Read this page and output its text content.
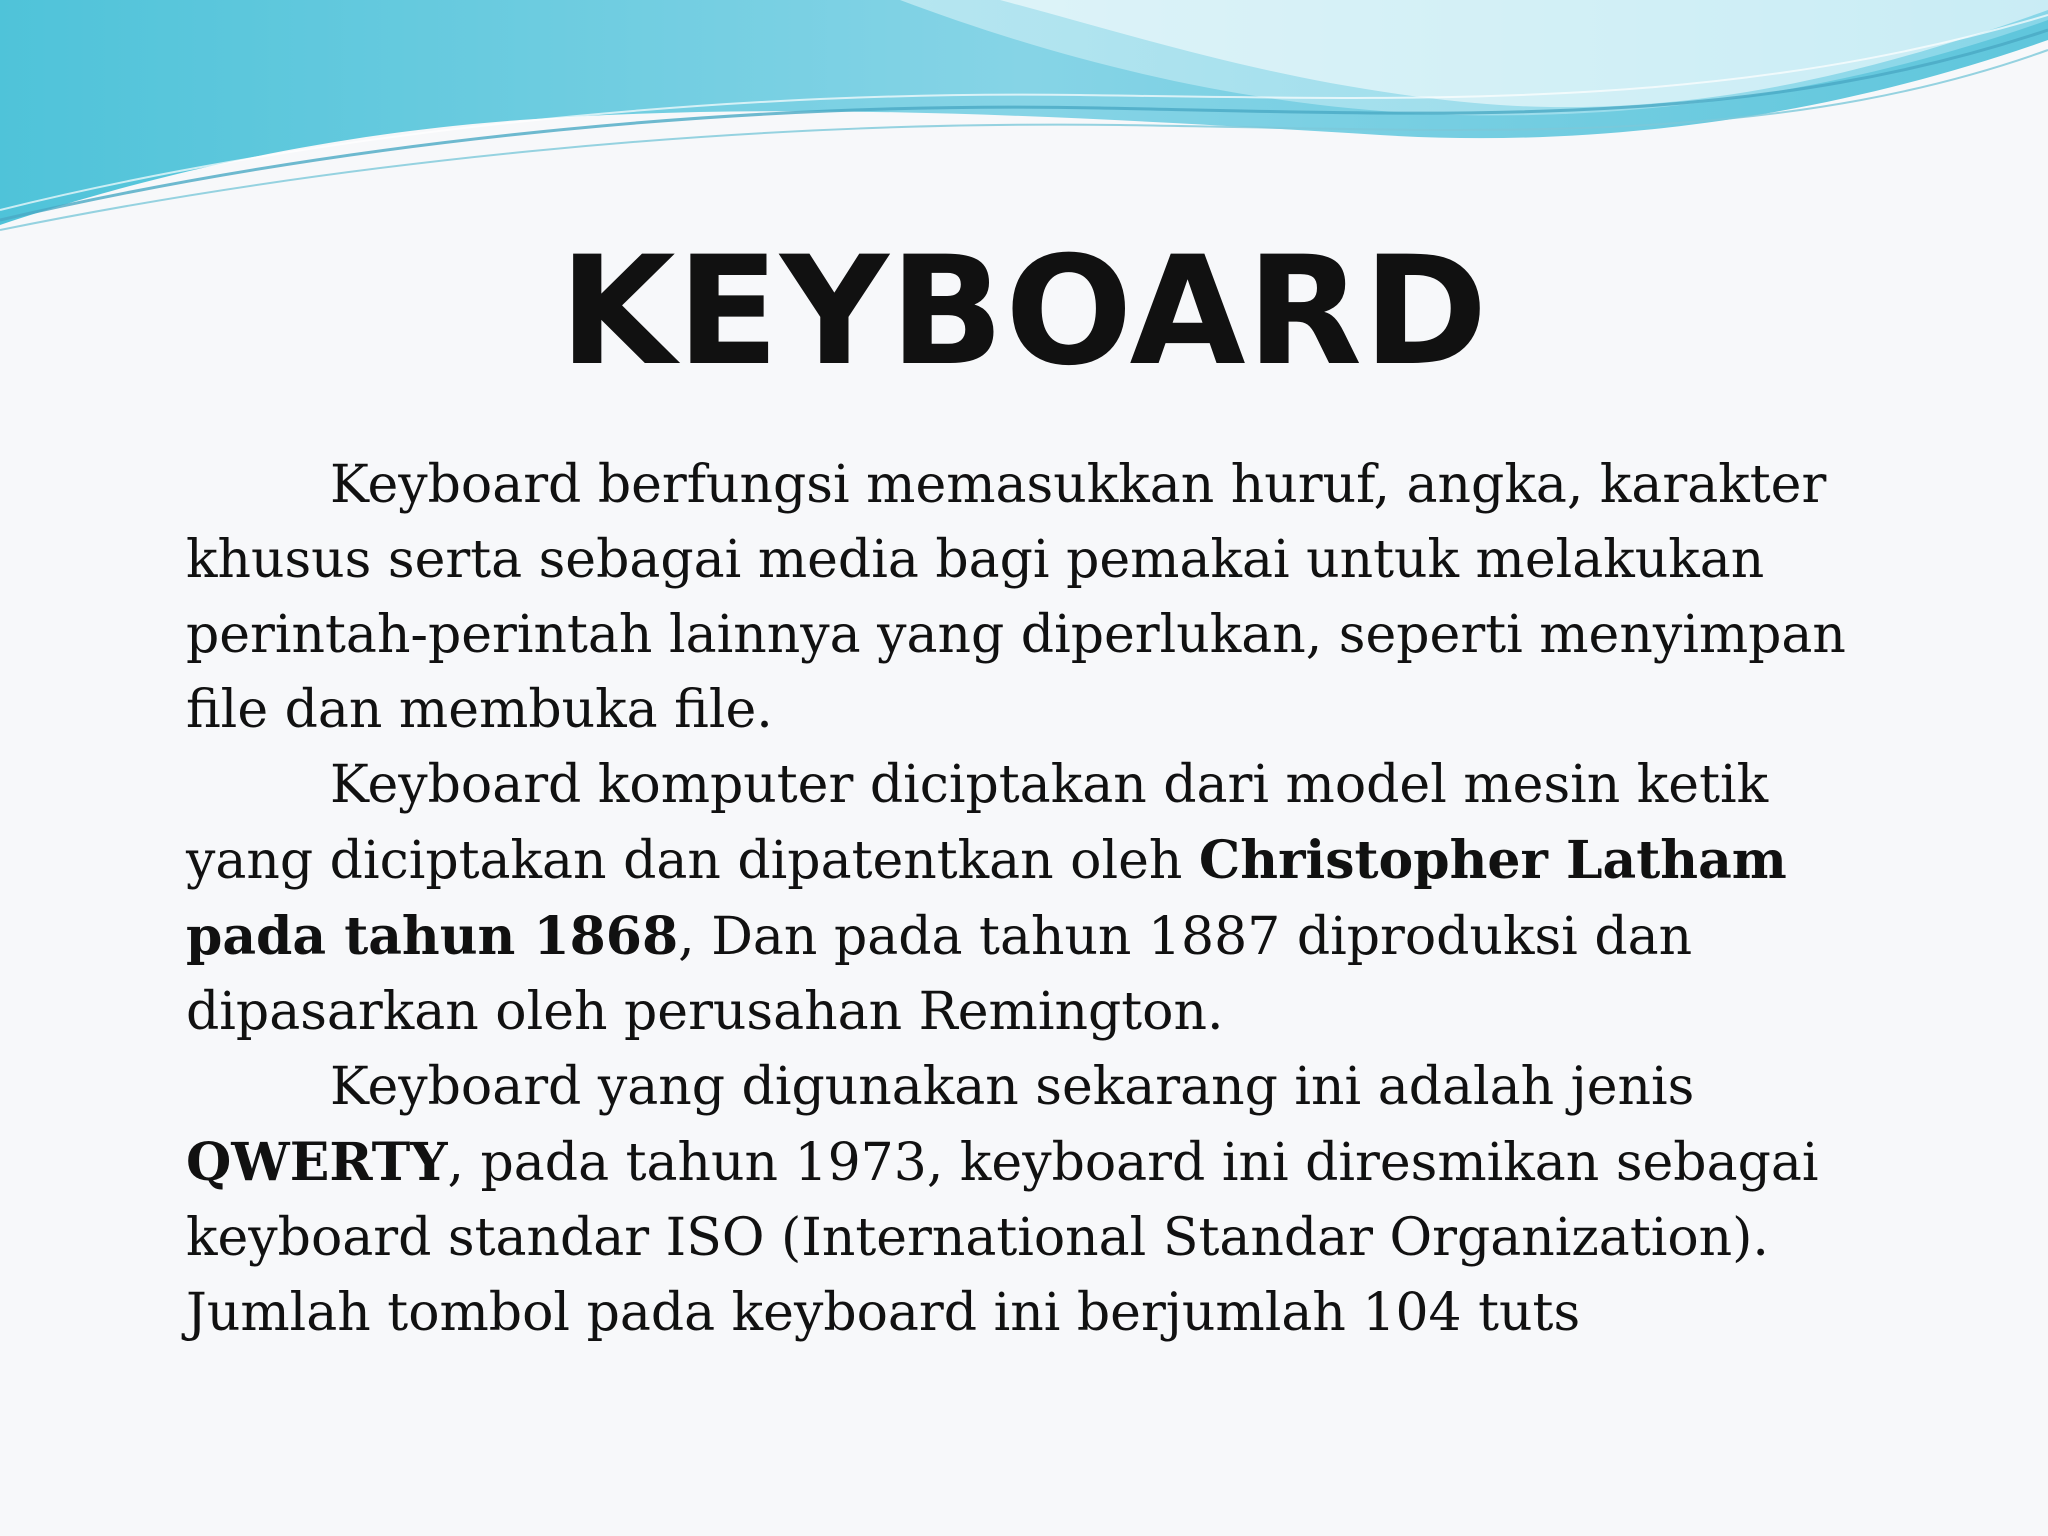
KEYBOARD

Keyboard berfungsi memasukkan huruf, angka, karakter khusus serta sebagai media bagi pemakai untuk melakukan perintah-perintah lainnya yang diperlukan, seperti menyimpan file dan membuka file.

Keyboard komputer diciptakan dari model mesin ketik yang diciptakan dan dipatentkan oleh Christopher Latham pada tahun 1868, Dan pada tahun 1887 diproduksi dan dipasarkan oleh perusahan Remington.

Keyboard yang digunakan sekarang ini adalah jenis QWERTY, pada tahun 1973, keyboard ini diresmikan sebagai keyboard standar ISO (International Standar Organization). Jumlah tombol pada keyboard ini berjumlah 104 tuts
